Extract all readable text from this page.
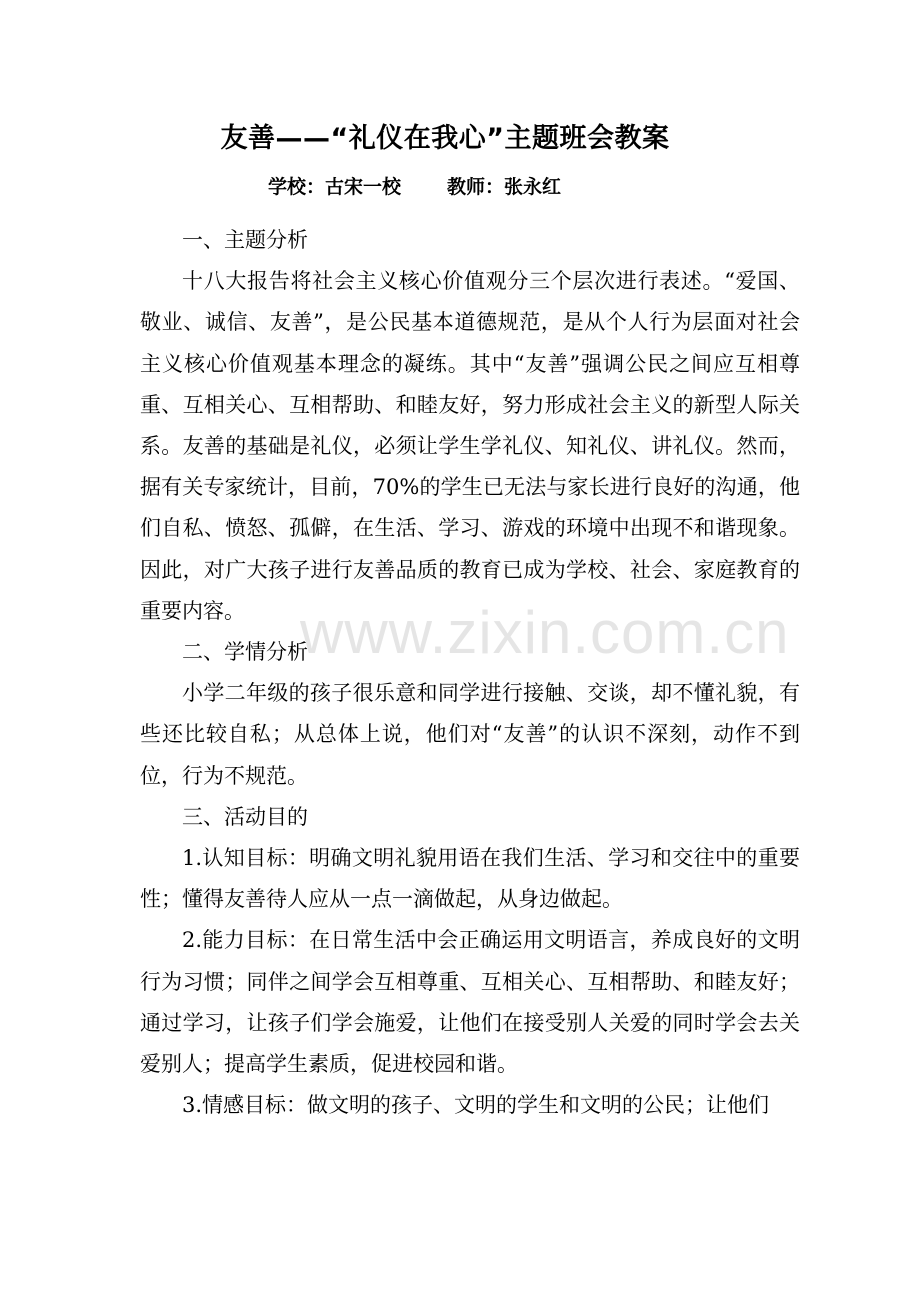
友善——“礼仪在我心”主题班会教案
学校：古宋一校 教师：张永红

一、主题分析

十八大报告将社会主义核心价值观分三个层次进行表述。“爱国、敬业、诚信、友善”，是公民基本道德规范，是从个人行为层面对社会主义核心价值观基本理念的凝练。其中“友善”强调公民之间应互相尊重、互相关心、互相帮助、和睦友好，努力形成社会主义的新型人际关系。友善的基础是礼仪，必须让学生学礼仪、知礼仪、讲礼仪。然而，据有关专家统计，目前，70%的学生已无法与家长进行良好的沟通，他们自私、愤怒、孤僻，在生活、学习、游戏的环境中出现不和谐现象。因此，对广大孩子进行友善品质的教育已成为学校、社会、家庭教育的重要内容。

二、学情分析

小学二年级的孩子很乐意和同学进行接触、交谈，却不懂礼貌，有些还比较自私；从总体上说，他们对“友善”的认识不深刻，动作不到位，行为不规范。

三、活动目的

1.认知目标：明确文明礼貌用语在我们生活、学习和交往中的重要性；懂得友善待人应从一点一滴做起，从身边做起。

2.能力目标：在日常生活中会正确运用文明语言，养成良好的文明行为习惯；同伴之间学会互相尊重、互相关心、互相帮助、和睦友好；通过学习，让孩子们学会施爱，让他们在接受别人关爱的同时学会去关爱别人；提高学生素质，促进校园和谐。

3.情感目标：做文明的孩子、文明的学生和文明的公民；让他们

www.zixin.com.cn
